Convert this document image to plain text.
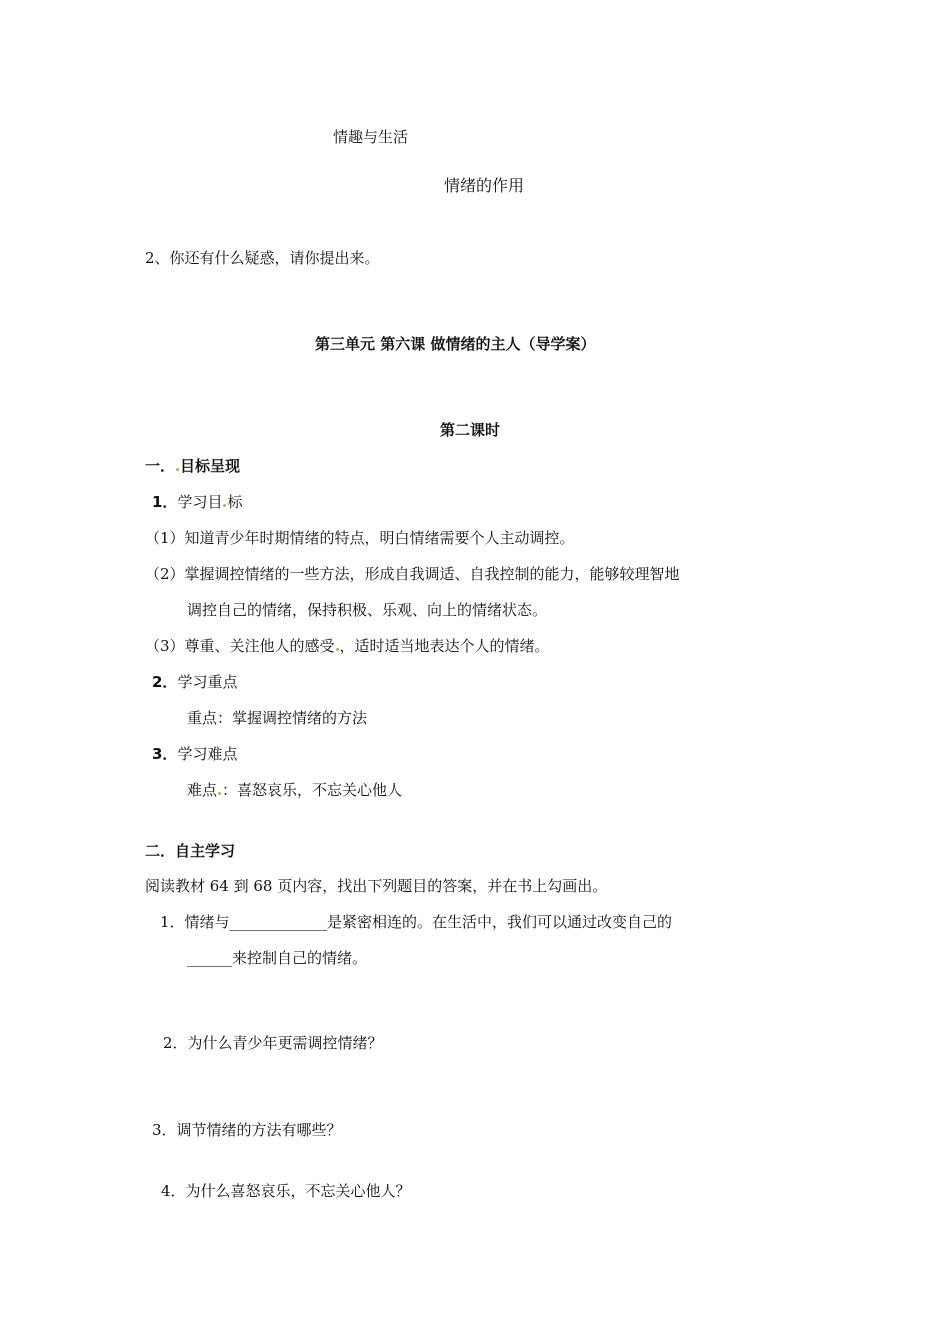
情趣与生活
情绪的作用
2、你还有什么疑惑，请你提出来。
第三单元 第六课 做情绪的主人（导学案）
第二课时
一． 目标呈现
1．学习目 标
（1）知道青少年时期情绪的特点，明白情绪需要个人主动调控。
（2）掌握调控情绪的一些方法，形成自我调适、自我控制的能力，能够较理智地
调控自己的情绪，保持积极、乐观、向上的情绪状态。
（3）尊重、关注他人的感受 ，适时适当地表达个人的情绪。
2．学习重点
重点：掌握调控情绪的方法
3．学习难点
难点 ：喜怒哀乐，不忘关心他人
二．自主学习
阅读教材 64 到 68 页内容，找出下列题目的答案，并在书上勾画出。
1．情绪与_____________是紧密相连的。在生活中，我们可以通过改变自己的
______来控制自己的情绪。
2．为什么青少年更需调控情绪？
3．调节情绪的方法有哪些？
4．为什么喜怒哀乐，不忘关心他人？
